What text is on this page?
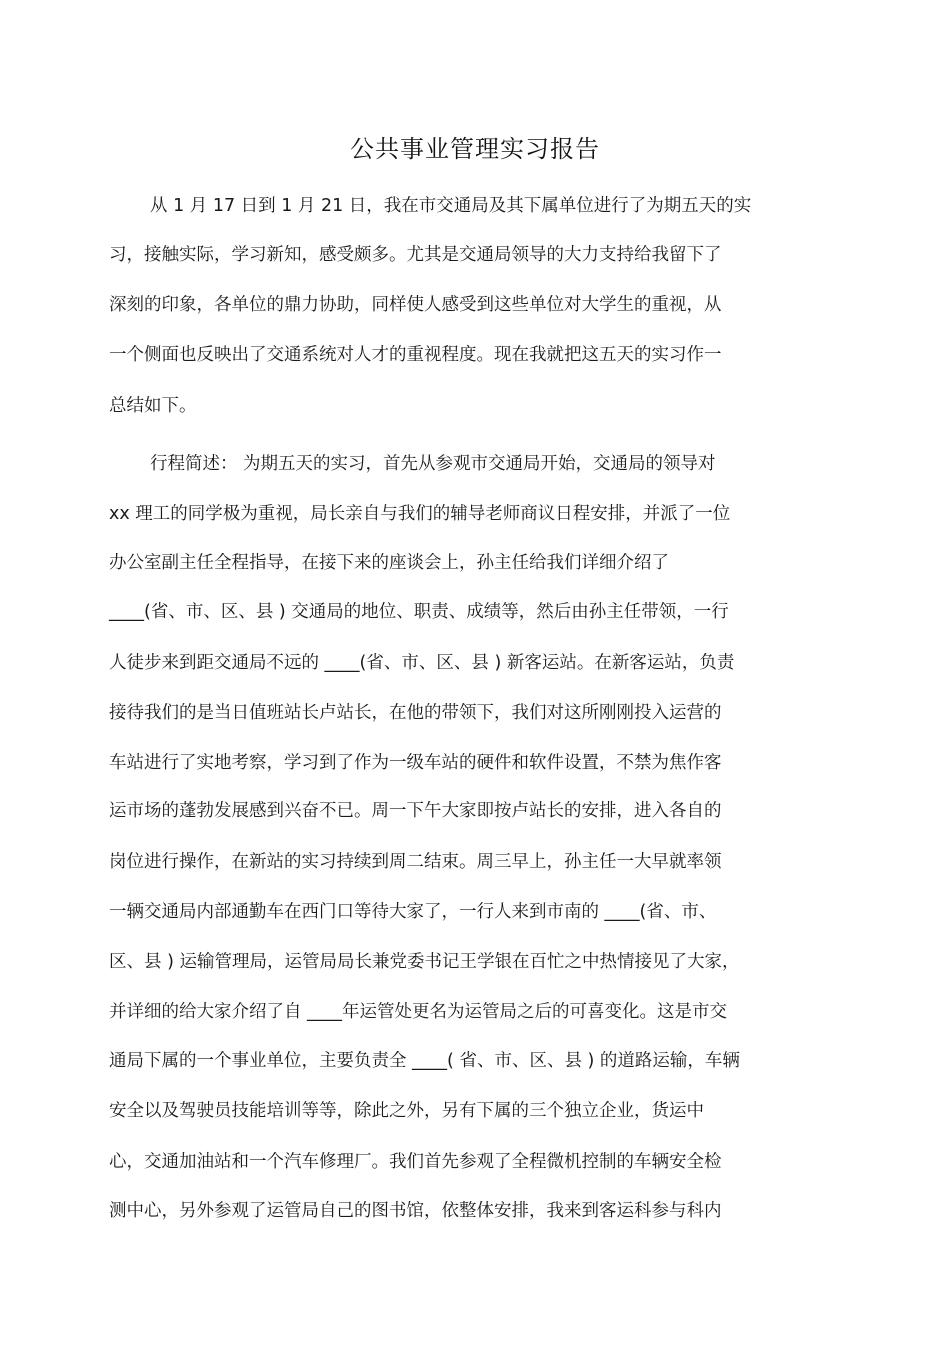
公共事业管理实习报告
从 1 月 17 日到 1 月 21 日，我在市交通局及其下属单位进行了为期五天的实
习，接触实际，学习新知，感受颇多。尤其是交通局领导的大力支持给我留下了
深刻的印象，各单位的鼎力协助，同样使人感受到这些单位对大学生的重视，从
一个侧面也反映出了交通系统对人才的重视程度。现在我就把这五天的实习作一
总结如下。
行程简述： 为期五天的实习，首先从参观市交通局开始，交通局的领导对
xx 理工的同学极为重视，局长亲自与我们的辅导老师商议日程安排，并派了一位
办公室副主任全程指导，在接下来的座谈会上，孙主任给我们详细介绍了
____(省、市、区、县 ) 交通局的地位、职责、成绩等，然后由孙主任带领，一行
人徒步来到距交通局不远的 ____(省、市、区、县 ) 新客运站。在新客运站，负责
接待我们的是当日值班站长卢站长，在他的带领下，我们对这所刚刚投入运营的
车站进行了实地考察，学习到了作为一级车站的硬件和软件设置，不禁为焦作客
运市场的蓬勃发展感到兴奋不已。周一下午大家即按卢站长的安排，进入各自的
岗位进行操作，在新站的实习持续到周二结束。周三早上，孙主任一大早就率领
一辆交通局内部通勤车在西门口等待大家了，一行人来到市南的 ____(省、市、
区、县 ) 运输管理局，运管局局长兼党委书记王学银在百忙之中热情接见了大家，
并详细的给大家介绍了自 ____年运管处更名为运管局之后的可喜变化。这是市交
通局下属的一个事业单位，主要负责全 ____( 省、市、区、县 ) 的道路运输，车辆
安全以及驾驶员技能培训等等，除此之外，另有下属的三个独立企业，货运中
心，交通加油站和一个汽车修理厂。我们首先参观了全程微机控制的车辆安全检
测中心，另外参观了运管局自己的图书馆，依整体安排，我来到客运科参与科内
